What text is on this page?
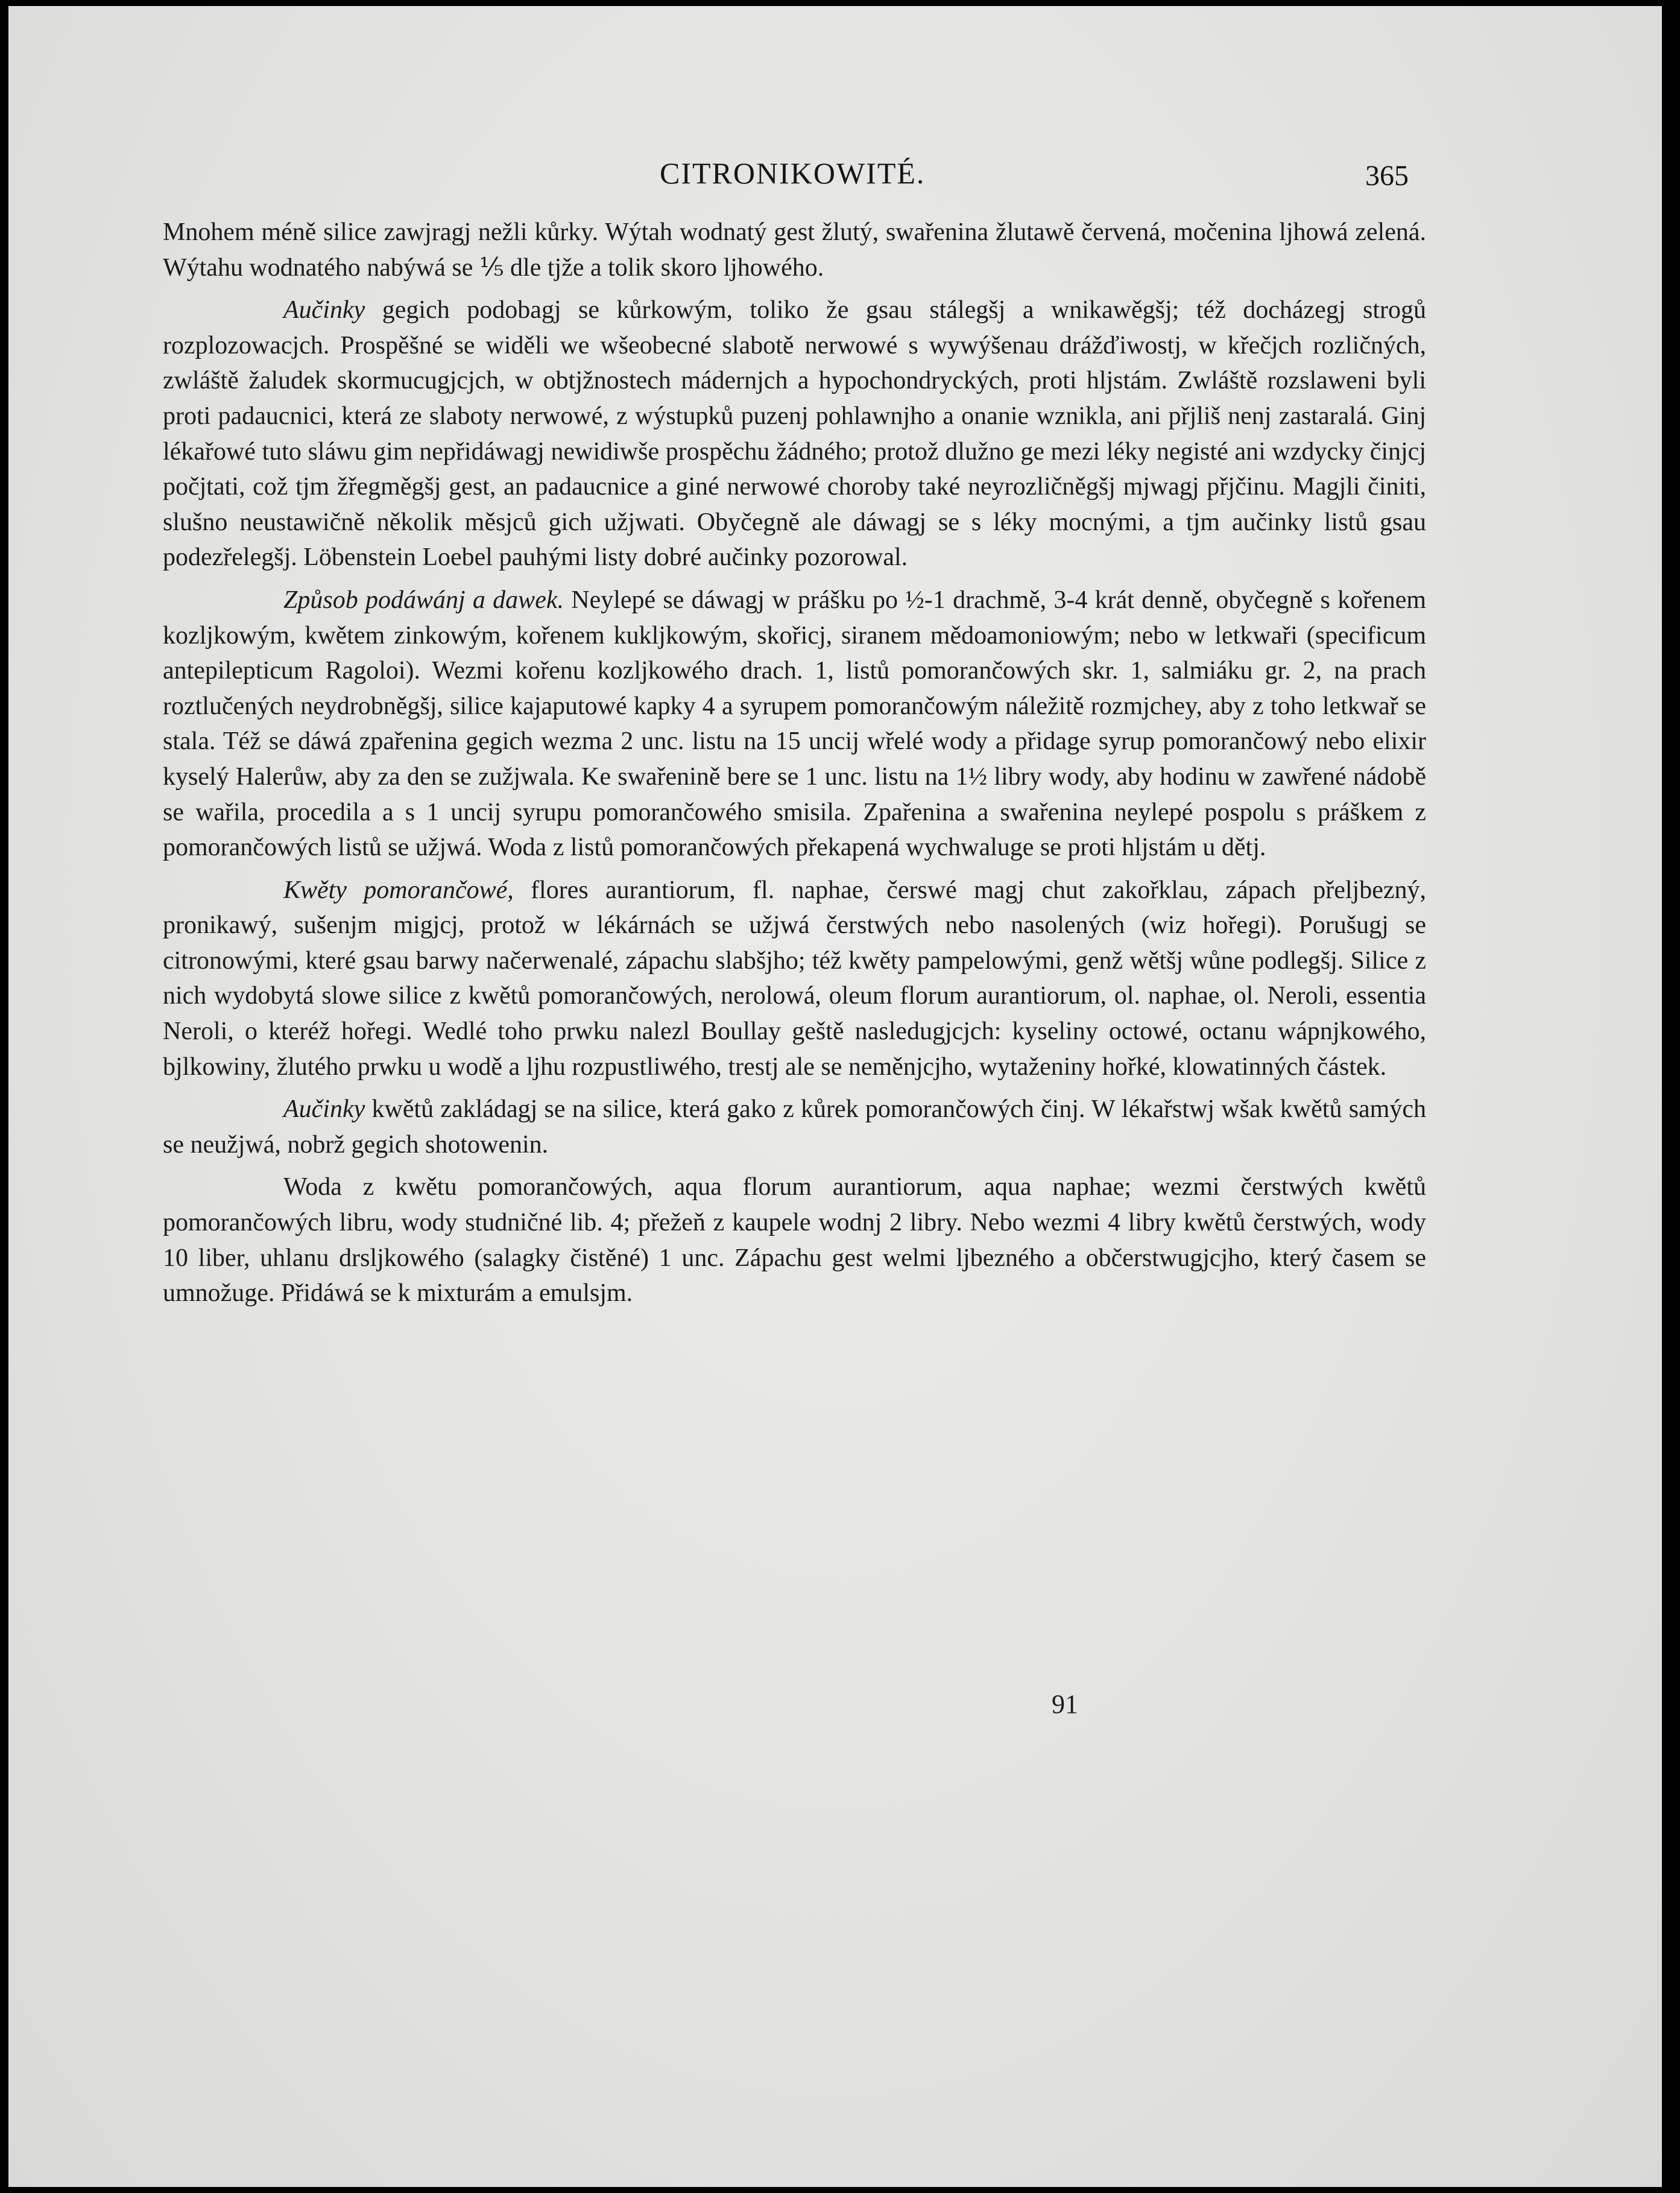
CITRONIKOWITÉ.	365

Mnohem méně silice zawjragj nežli kůrky. Wýtah wodnatý gest žlutý, swařenina žlutawě červená, močenina ljhowá zelená. Wýtahu wodnatého nabýwá se ⅕ dle tjže a tolik skoro ljhowého.

Aučinky gegich podobagj se kůrkowým, toliko že gsau stálegšj a wnikawěgšj; též docházegj strogů rozplozowacjch. Prospěšné se widěli we wšeobecné slabotě nerwowé s wywýšenau drážďiwostj, w křečjch rozličných, zwláště žaludek skormucugjcjch, w obtjžnostech mádernjch a hypochondryckých, proti hljstám. Zwláště rozslaweni byli proti padaucnici, která ze slaboty nerwowé, z wýstupků puzenj pohlawnjho a onanie wznikla, ani přjliš nenj zastaralá. Ginj lékařowé tuto sláwu gim nepřidáwagj newidiwše prospěchu žádného; protož dlužno ge mezi léky negisté ani wzdycky činjcj počjtati, což tjm žřegměgšj gest, an padaucnice a giné nerwowé choroby také neyrozličněgšj mjwagj přjčinu. Magjli činiti, slušno neustawičně několik měsjců gich užjwati. Obyčegně ale dáwagj se s léky mocnými, a tjm aučinky listů gsau podezřelegšj. Löbenstein Loebel pauhými listy dobré aučinky pozorowal.

Způsob podáwánj a dawek. Neylepé se dáwagj w prášku po ½-1 drachmě, 3-4 krát denně, obyčegně s kořenem kozljkowým, kwětem zinkowým, kořenem kukljkowým, skořicj, siranem mědoamoniowým; nebo w letkwaři (specificum antepilepticum Ragoloi). Wezmi kořenu kozljkowého drach. 1, listů pomorančowých skr. 1, salmiáku gr. 2, na prach roztlučených neydrobněgšj, silice kajaputowé kapky 4 a syrupem pomorančowým náležitě rozmjchey, aby z toho letkwař se stala. Též se dáwá zpařenina gegich wezma 2 unc. listu na 15 uncij wřelé wody a přidage syrup pomorančowý nebo elixir kyselý Halerůw, aby za den se zužjwala. Ke swařenině bere se 1 unc. listu na 1½ libry wody, aby hodinu w zawřené nádobě se wařila, procedila a s 1 uncij syrupu pomorančowého smisila. Zpařenina a swařenina neylepé pospolu s práškem z pomorančowých listů se užjwá. Woda z listů pomorančowých překapená wychwaluge se proti hljstám u dětj.

Kwěty pomorančowé, flores aurantiorum, fl. naphae, čerswé magj chut zakořklau, zápach přeljbezný, pronikawý, sušenjm migjcj, protož w lékárnách se užjwá čerstwých nebo nasolených (wiz hořegi). Porušugj se citronowými, které gsau barwy načerwenalé, zápachu slabšjho; též kwěty pampelowými, genž wětšj wůne podlegšj. Silice z nich wydobytá slowe silice z kwětů pomorančowých, nerolowá, oleum florum aurantiorum, ol. naphae, ol. Neroli, essentia Neroli, o kteréž hořegi. Wedlé toho prwku nalezl Boullay geště nasledugjcjch: kyseliny octowé, octanu wápnjkowého, bjlkowiny, žlutého prwku u wodě a ljhu rozpustliwého, trestj ale se neměnjcjho, wytaženiny hořké, klowatinných částek.

Aučinky kwětů zakládagj se na silice, která gako z kůrek pomorančowých činj. W lékařstwj wšak kwětů samých se neužjwá, nobrž gegich shotowenin.

Woda z kwětu pomorančowých, aqua florum aurantiorum, aqua naphae; wezmi čerstwých kwětů pomorančowých libru, wody studničné lib. 4; přežeň z kaupele wodnj 2 libry. Nebo wezmi 4 libry kwětů čerstwých, wody 10 liber, uhlanu drsljkowého (salagky čistěné) 1 unc. Zápachu gest welmi ljbezného a občerstwugjcjho, který časem se umnožuge. Přidáwá se k mixturám a emulsjm.

91
